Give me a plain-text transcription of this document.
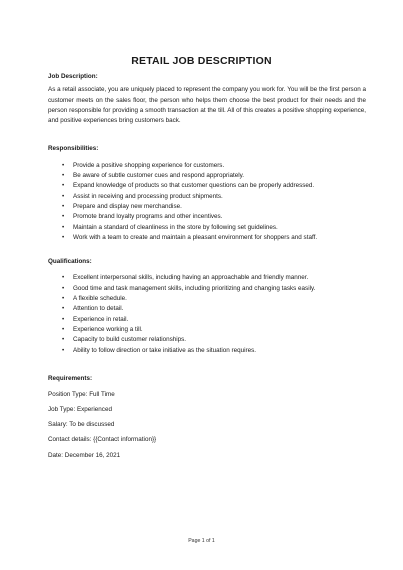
RETAIL JOB DESCRIPTION

Job Description:

As a retail associate, you are uniquely placed to represent the company you work for. You will be the first person a customer meets on the sales floor, the person who helps them choose the best product for their needs and the person responsible for providing a smooth transaction at the till. All of this creates a positive shopping experience, and positive experiences bring customers back.

Responsibilities:

• Provide a positive shopping experience for customers.
• Be aware of subtle customer cues and respond appropriately.
• Expand knowledge of products so that customer questions can be properly addressed.
• Assist in receiving and processing product shipments.
• Prepare and display new merchandise.
• Promote brand loyalty programs and other incentives.
• Maintain a standard of cleanliness in the store by following set guidelines.
• Work with a team to create and maintain a pleasant environment for shoppers and staff.

Qualifications:

• Excellent interpersonal skills, including having an approachable and friendly manner.
• Good time and task management skills, including prioritizing and changing tasks easily.
• A flexible schedule.
• Attention to detail.
• Experience in retail.
• Experience working a till.
• Capacity to build customer relationships.
• Ability to follow direction or take initiative as the situation requires.

Requirements:

Position Type: Full Time

Job Type: Experienced

Salary: To be discussed

Contact details: {{Contact information}}

Date: December 16, 2021

Page 1 of 1
